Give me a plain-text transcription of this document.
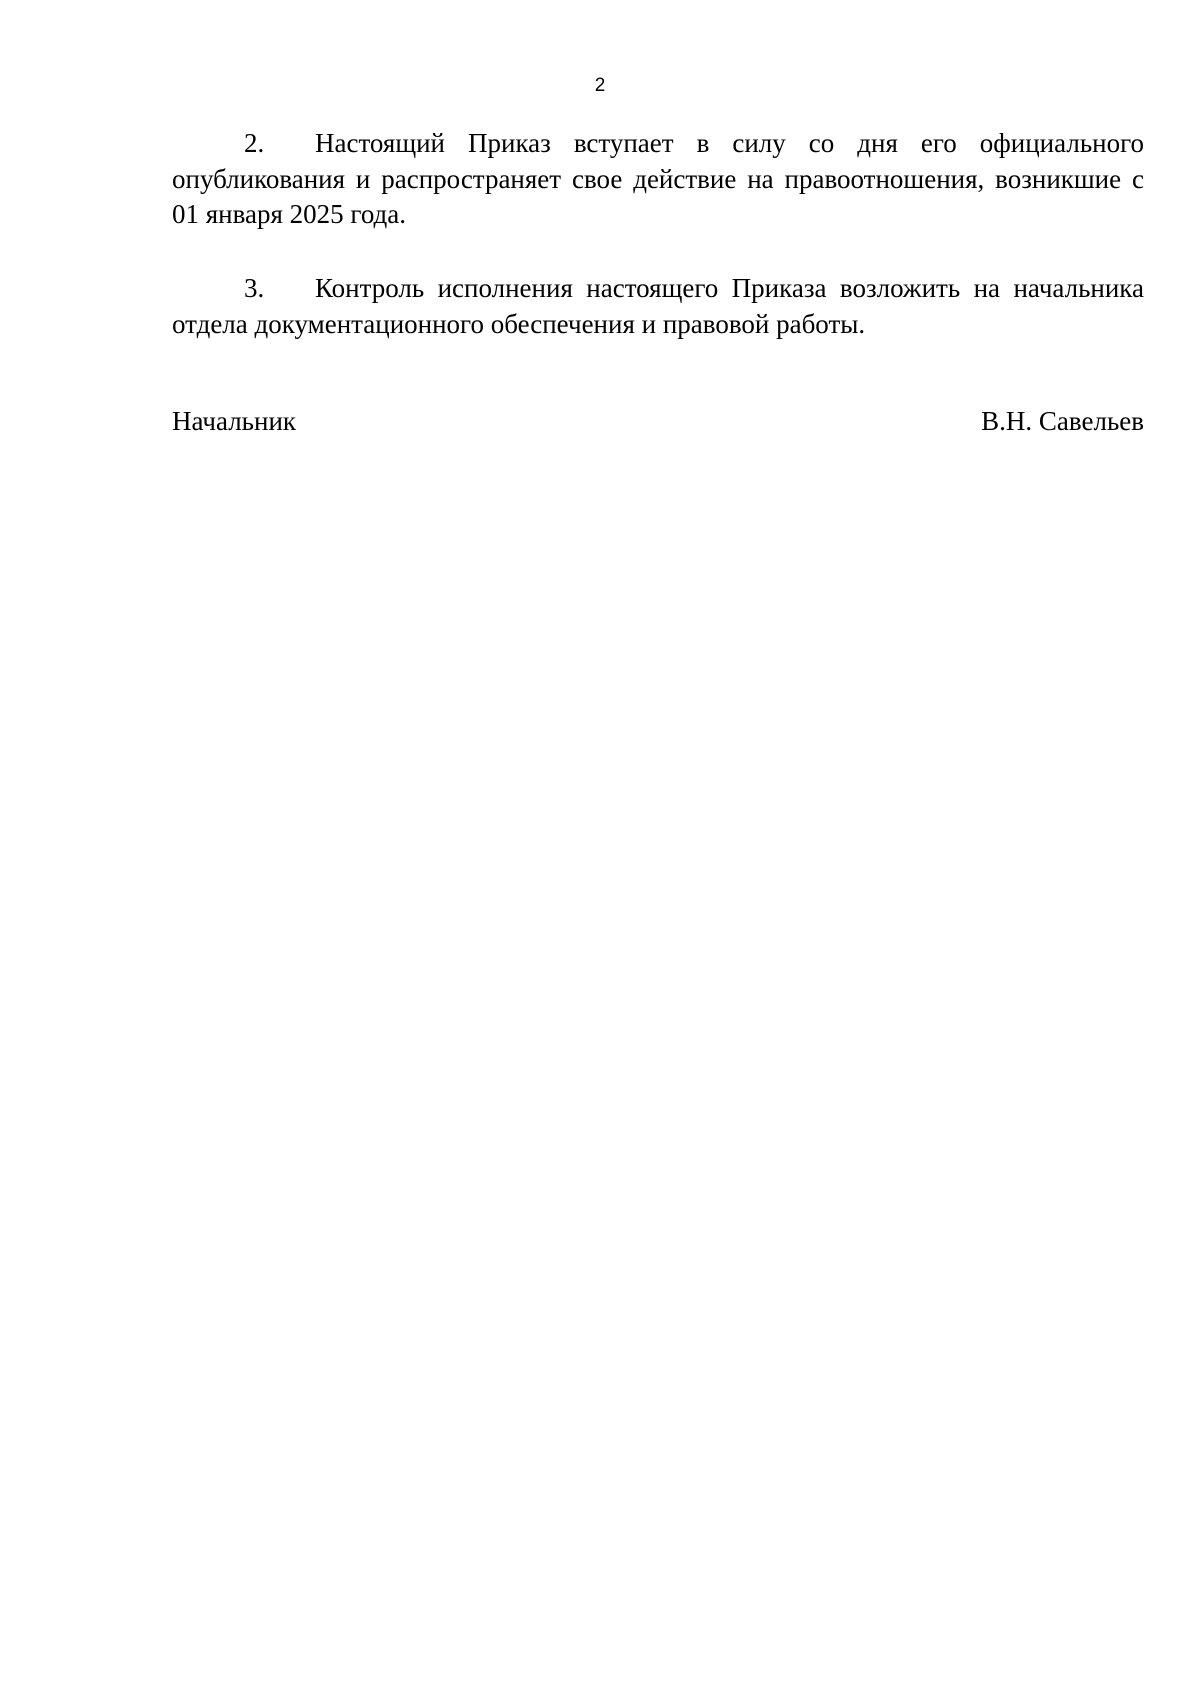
2

2. Настоящий Приказ вступает в силу со дня его официального опубликования и распространяет свое действие на правоотношения, возникшие с 01 января 2025 года.

3. Контроль исполнения настоящего Приказа возложить на начальника отдела документационного обеспечения и правовой работы.

Начальник	В.Н. Савельев
